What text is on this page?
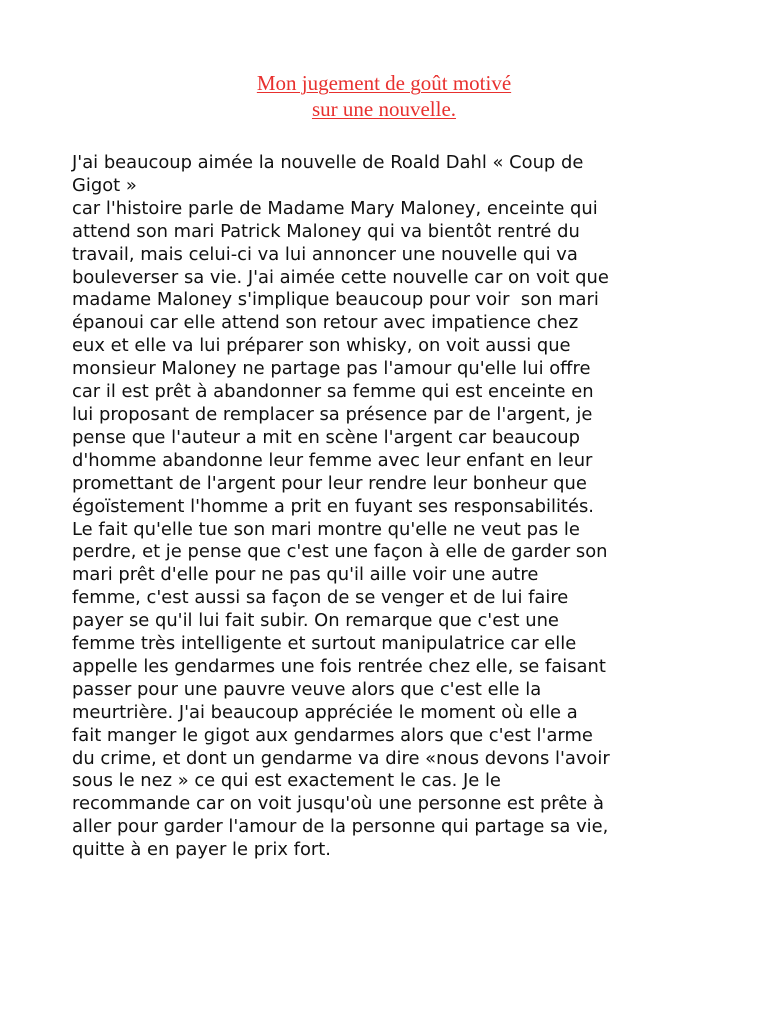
Mon jugement de goût motivé
sur une nouvelle.
J'ai beaucoup aimée la nouvelle de Roald Dahl « Coup de
Gigot »
car l'histoire parle de Madame Mary Maloney, enceinte qui
attend son mari Patrick Maloney qui va bientôt rentré du
travail, mais celui-ci va lui annoncer une nouvelle qui va
bouleverser sa vie. J'ai aimée cette nouvelle car on voit que
madame Maloney s'implique beaucoup pour voir  son mari
épanoui car elle attend son retour avec impatience chez
eux et elle va lui préparer son whisky, on voit aussi que
monsieur Maloney ne partage pas l'amour qu'elle lui offre
car il est prêt à abandonner sa femme qui est enceinte en
lui proposant de remplacer sa présence par de l'argent, je
pense que l'auteur a mit en scène l'argent car beaucoup
d'homme abandonne leur femme avec leur enfant en leur
promettant de l'argent pour leur rendre leur bonheur que
égoïstement l'homme a prit en fuyant ses responsabilités.
Le fait qu'elle tue son mari montre qu'elle ne veut pas le
perdre, et je pense que c'est une façon à elle de garder son
mari prêt d'elle pour ne pas qu'il aille voir une autre
femme, c'est aussi sa façon de se venger et de lui faire
payer se qu'il lui fait subir. On remarque que c'est une
femme très intelligente et surtout manipulatrice car elle
appelle les gendarmes une fois rentrée chez elle, se faisant
passer pour une pauvre veuve alors que c'est elle la
meurtrière. J'ai beaucoup appréciée le moment où elle a
fait manger le gigot aux gendarmes alors que c'est l'arme
du crime, et dont un gendarme va dire «nous devons l'avoir
sous le nez » ce qui est exactement le cas. Je le
recommande car on voit jusqu'où une personne est prête à
aller pour garder l'amour de la personne qui partage sa vie,
quitte à en payer le prix fort.
